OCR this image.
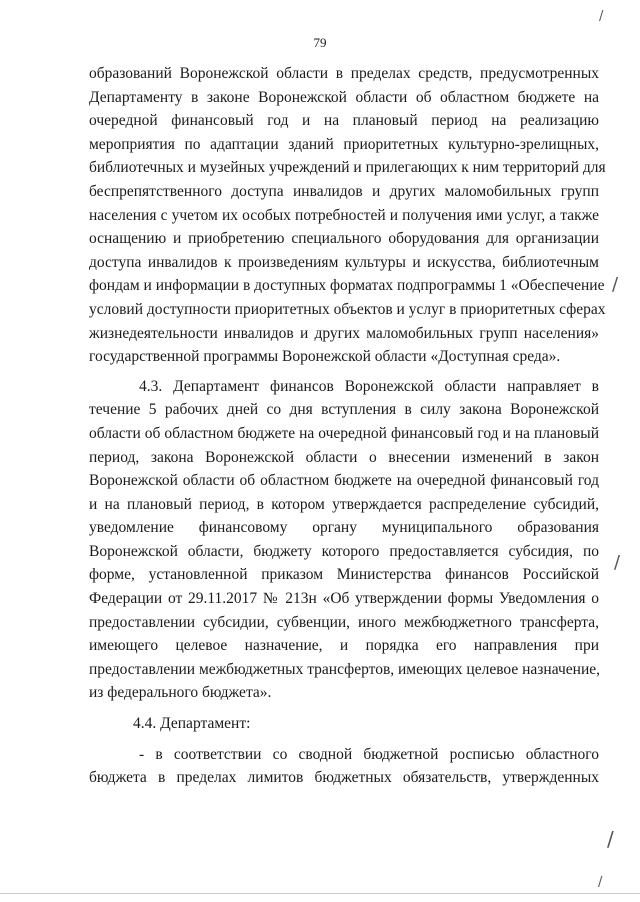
79

образований Воронежской области в пределах средств, предусмотренных

Департаменту в законе Воронежской области об областном бюджете на

очередной финансовый год и на плановый период на реализацию

мероприятия по адаптации зданий приоритетных культурно-зрелищных,

библиотечных и музейных учреждений и прилегающих к ним территорий для

беспрепятственного доступа инвалидов и других маломобильных групп

населения с учетом их особых потребностей и получения ими услуг, а также

оснащению и приобретению специального оборудования для организации

доступа инвалидов к произведениям культуры и искусства, библиотечным

фондам и информации в доступных форматах подпрограммы 1 «Обеспечение

условий доступности приоритетных объектов и услуг в приоритетных сферах

жизнедеятельности инвалидов и других маломобильных групп населения»

государственной программы Воронежской области «Доступная среда».

4.3. Департамент финансов Воронежской области направляет в

течение 5 рабочих дней со дня вступления в силу закона Воронежской

области об областном бюджете на очередной финансовый год и на плановый

период, закона Воронежской области о внесении изменений в закон

Воронежской области об областном бюджете на очередной финансовый год

и на плановый период, в котором утверждается распределение субсидий,

уведомление финансовому органу муниципального образования

Воронежской области, бюджету которого предоставляется субсидия, по

форме, установленной приказом Министерства финансов Российской

Федерации от 29.11.2017 № 213н «Об утверждении формы Уведомления о

предоставлении субсидии, субвенции, иного межбюджетного трансферта,

имеющего целевое назначение, и порядка его направления при

предоставлении межбюджетных трансфертов, имеющих целевое назначение,

из федерального бюджета».

4.4. Департамент:

- в соответствии со сводной бюджетной росписью областного

бюджета в пределах лимитов бюджетных обязательств, утвержденных

/
/
/
/
/
